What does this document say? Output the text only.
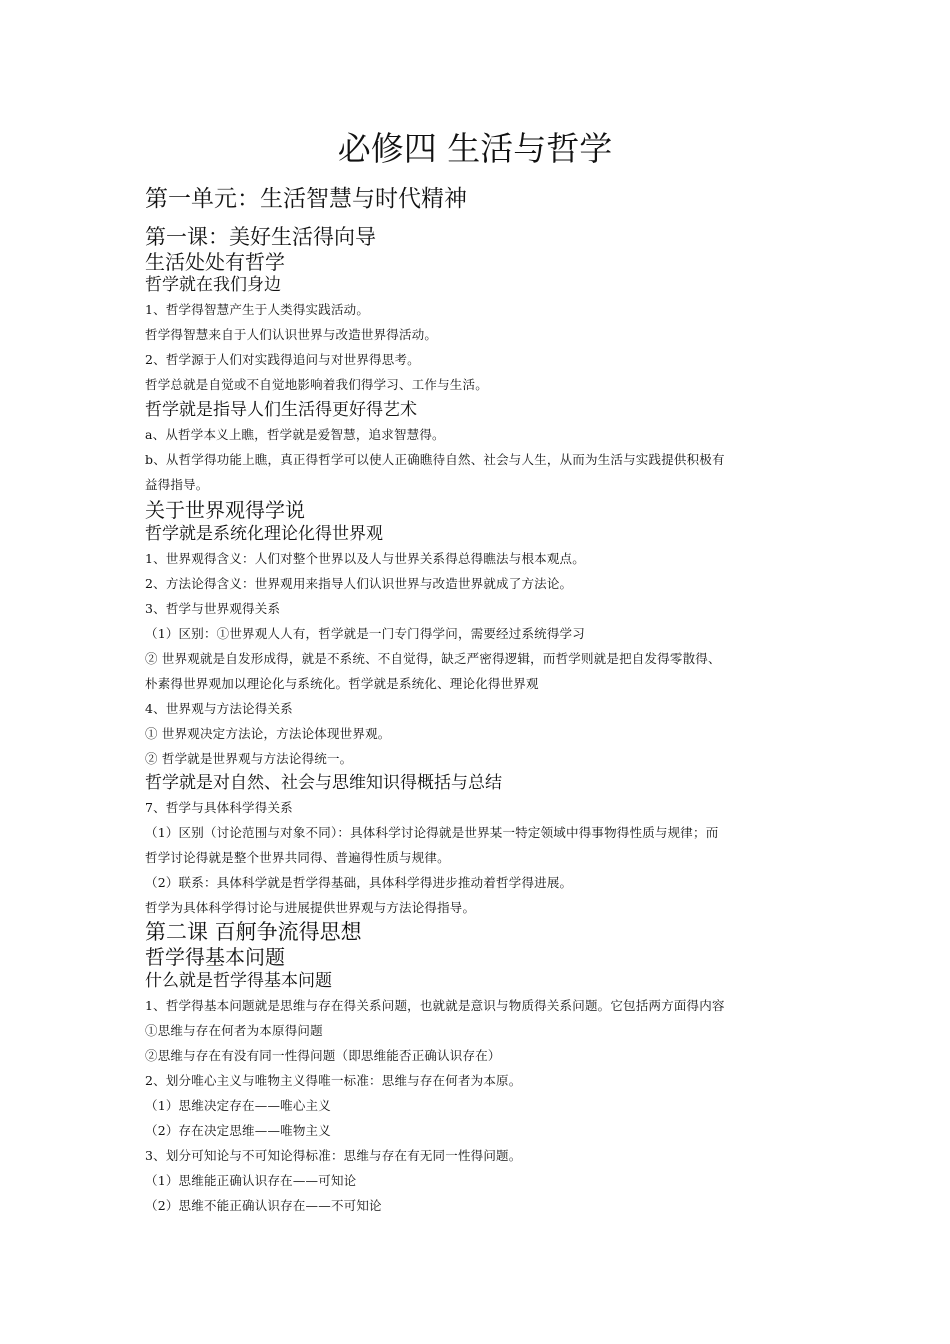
必修四 生活与哲学
第一单元：生活智慧与时代精神
第一课：美好生活得向导
生活处处有哲学
哲学就在我们身边
1、哲学得智慧产生于人类得实践活动。
哲学得智慧来自于人们认识世界与改造世界得活动。
2、哲学源于人们对实践得追问与对世界得思考。
哲学总就是自觉或不自觉地影响着我们得学习、工作与生活。
哲学就是指导人们生活得更好得艺术
a、从哲学本义上瞧，哲学就是爱智慧，追求智慧得。
b、从哲学得功能上瞧，真正得哲学可以使人正确瞧待自然、社会与人生，从而为生活与实践提供积极有
益得指导。
关于世界观得学说
哲学就是系统化理论化得世界观
1、世界观得含义：人们对整个世界以及人与世界关系得总得瞧法与根本观点。
2、方法论得含义：世界观用来指导人们认识世界与改造世界就成了方法论。
3、哲学与世界观得关系
（1）区别：①世界观人人有，哲学就是一门专门得学问，需要经过系统得学习
② 世界观就是自发形成得，就是不系统、不自觉得，缺乏严密得逻辑，而哲学则就是把自发得零散得、
朴素得世界观加以理论化与系统化。哲学就是系统化、理论化得世界观
4、世界观与方法论得关系
① 世界观决定方法论，方法论体现世界观。
② 哲学就是世界观与方法论得统一。
哲学就是对自然、社会与思维知识得概括与总结
7、哲学与具体科学得关系
（1）区别（讨论范围与对象不同）：具体科学讨论得就是世界某一特定领域中得事物得性质与规律；而
哲学讨论得就是整个世界共同得、普遍得性质与规律。
（2）联系：具体科学就是哲学得基础，具体科学得进步推动着哲学得进展。
哲学为具体科学得讨论与进展提供世界观与方法论得指导。
第二课 百舸争流得思想
哲学得基本问题
什么就是哲学得基本问题
1、哲学得基本问题就是思维与存在得关系问题，也就就是意识与物质得关系问题。它包括两方面得内容
①思维与存在何者为本原得问题
②思维与存在有没有同一性得问题（即思维能否正确认识存在）
2、划分唯心主义与唯物主义得唯一标准：思维与存在何者为本原。
（1）思维决定存在——唯心主义
（2）存在决定思维——唯物主义
3、划分可知论与不可知论得标准：思维与存在有无同一性得问题。
（1）思维能正确认识存在——可知论
（2）思维不能正确认识存在——不可知论
